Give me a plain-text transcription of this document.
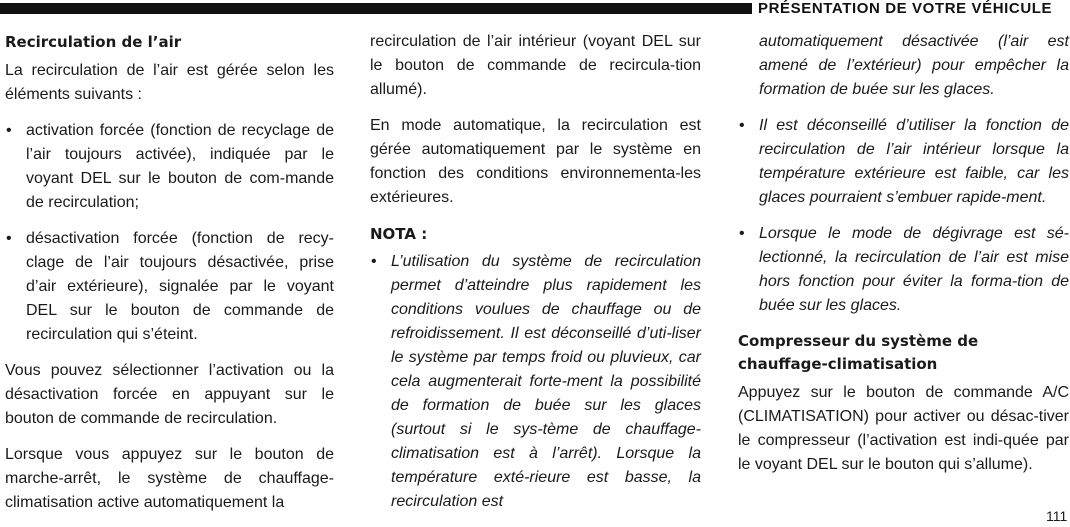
PRÉSENTATION DE VOTRE VÉHICULE
Recirculation de l’air

La recirculation de l’air est gérée selon les éléments suivants :

• activation forcée (fonction de recyclage de l’air toujours activée), indiquée par le voyant DEL sur le bouton de com-mande de recirculation;
• désactivation forcée (fonction de recy-clage de l’air toujours désactivée, prise d’air extérieure), signalée par le voyant DEL sur le bouton de commande de recirculation qui s’éteint.

Vous pouvez sélectionner l’activation ou la désactivation forcée en appuyant sur le bouton de commande de recirculation.

Lorsque vous appuyez sur le bouton de marche-arrêt, le système de chauffage-climatisation active automatiquement la

recirculation de l’air intérieur (voyant DEL sur le bouton de commande de recircula-tion allumé).

En mode automatique, la recirculation est gérée automatiquement par le système en fonction des conditions environnementa-les extérieures.

NOTA :
• L’utilisation du système de recirculation permet d’atteindre plus rapidement les conditions voulues de chauffage ou de refroidissement. Il est déconseillé d’uti-liser le système par temps froid ou pluvieux, car cela augmenterait forte-ment la possibilité de formation de buée sur les glaces (surtout si le sys-tème de chauffage-climatisation est à l’arrêt). Lorsque la température exté-rieure est basse, la recirculation est

automatiquement désactivée (l’air est amené de l’extérieur) pour empêcher la formation de buée sur les glaces.

• Il est déconseillé d’utiliser la fonction de recirculation de l’air intérieur lorsque la température extérieure est faible, car les glaces pourraient s’embuer rapide-ment.
• Lorsque le mode de dégivrage est sé-lectionné, la recirculation de l’air est mise hors fonction pour éviter la forma-tion de buée sur les glaces.
Compresseur du système de
chauffage-climatisation

Appuyez sur le bouton de commande A/C (CLIMATISATION) pour activer ou désac-tiver le compresseur (l’activation est indi-quée par le voyant DEL sur le bouton qui s’allume).

111
